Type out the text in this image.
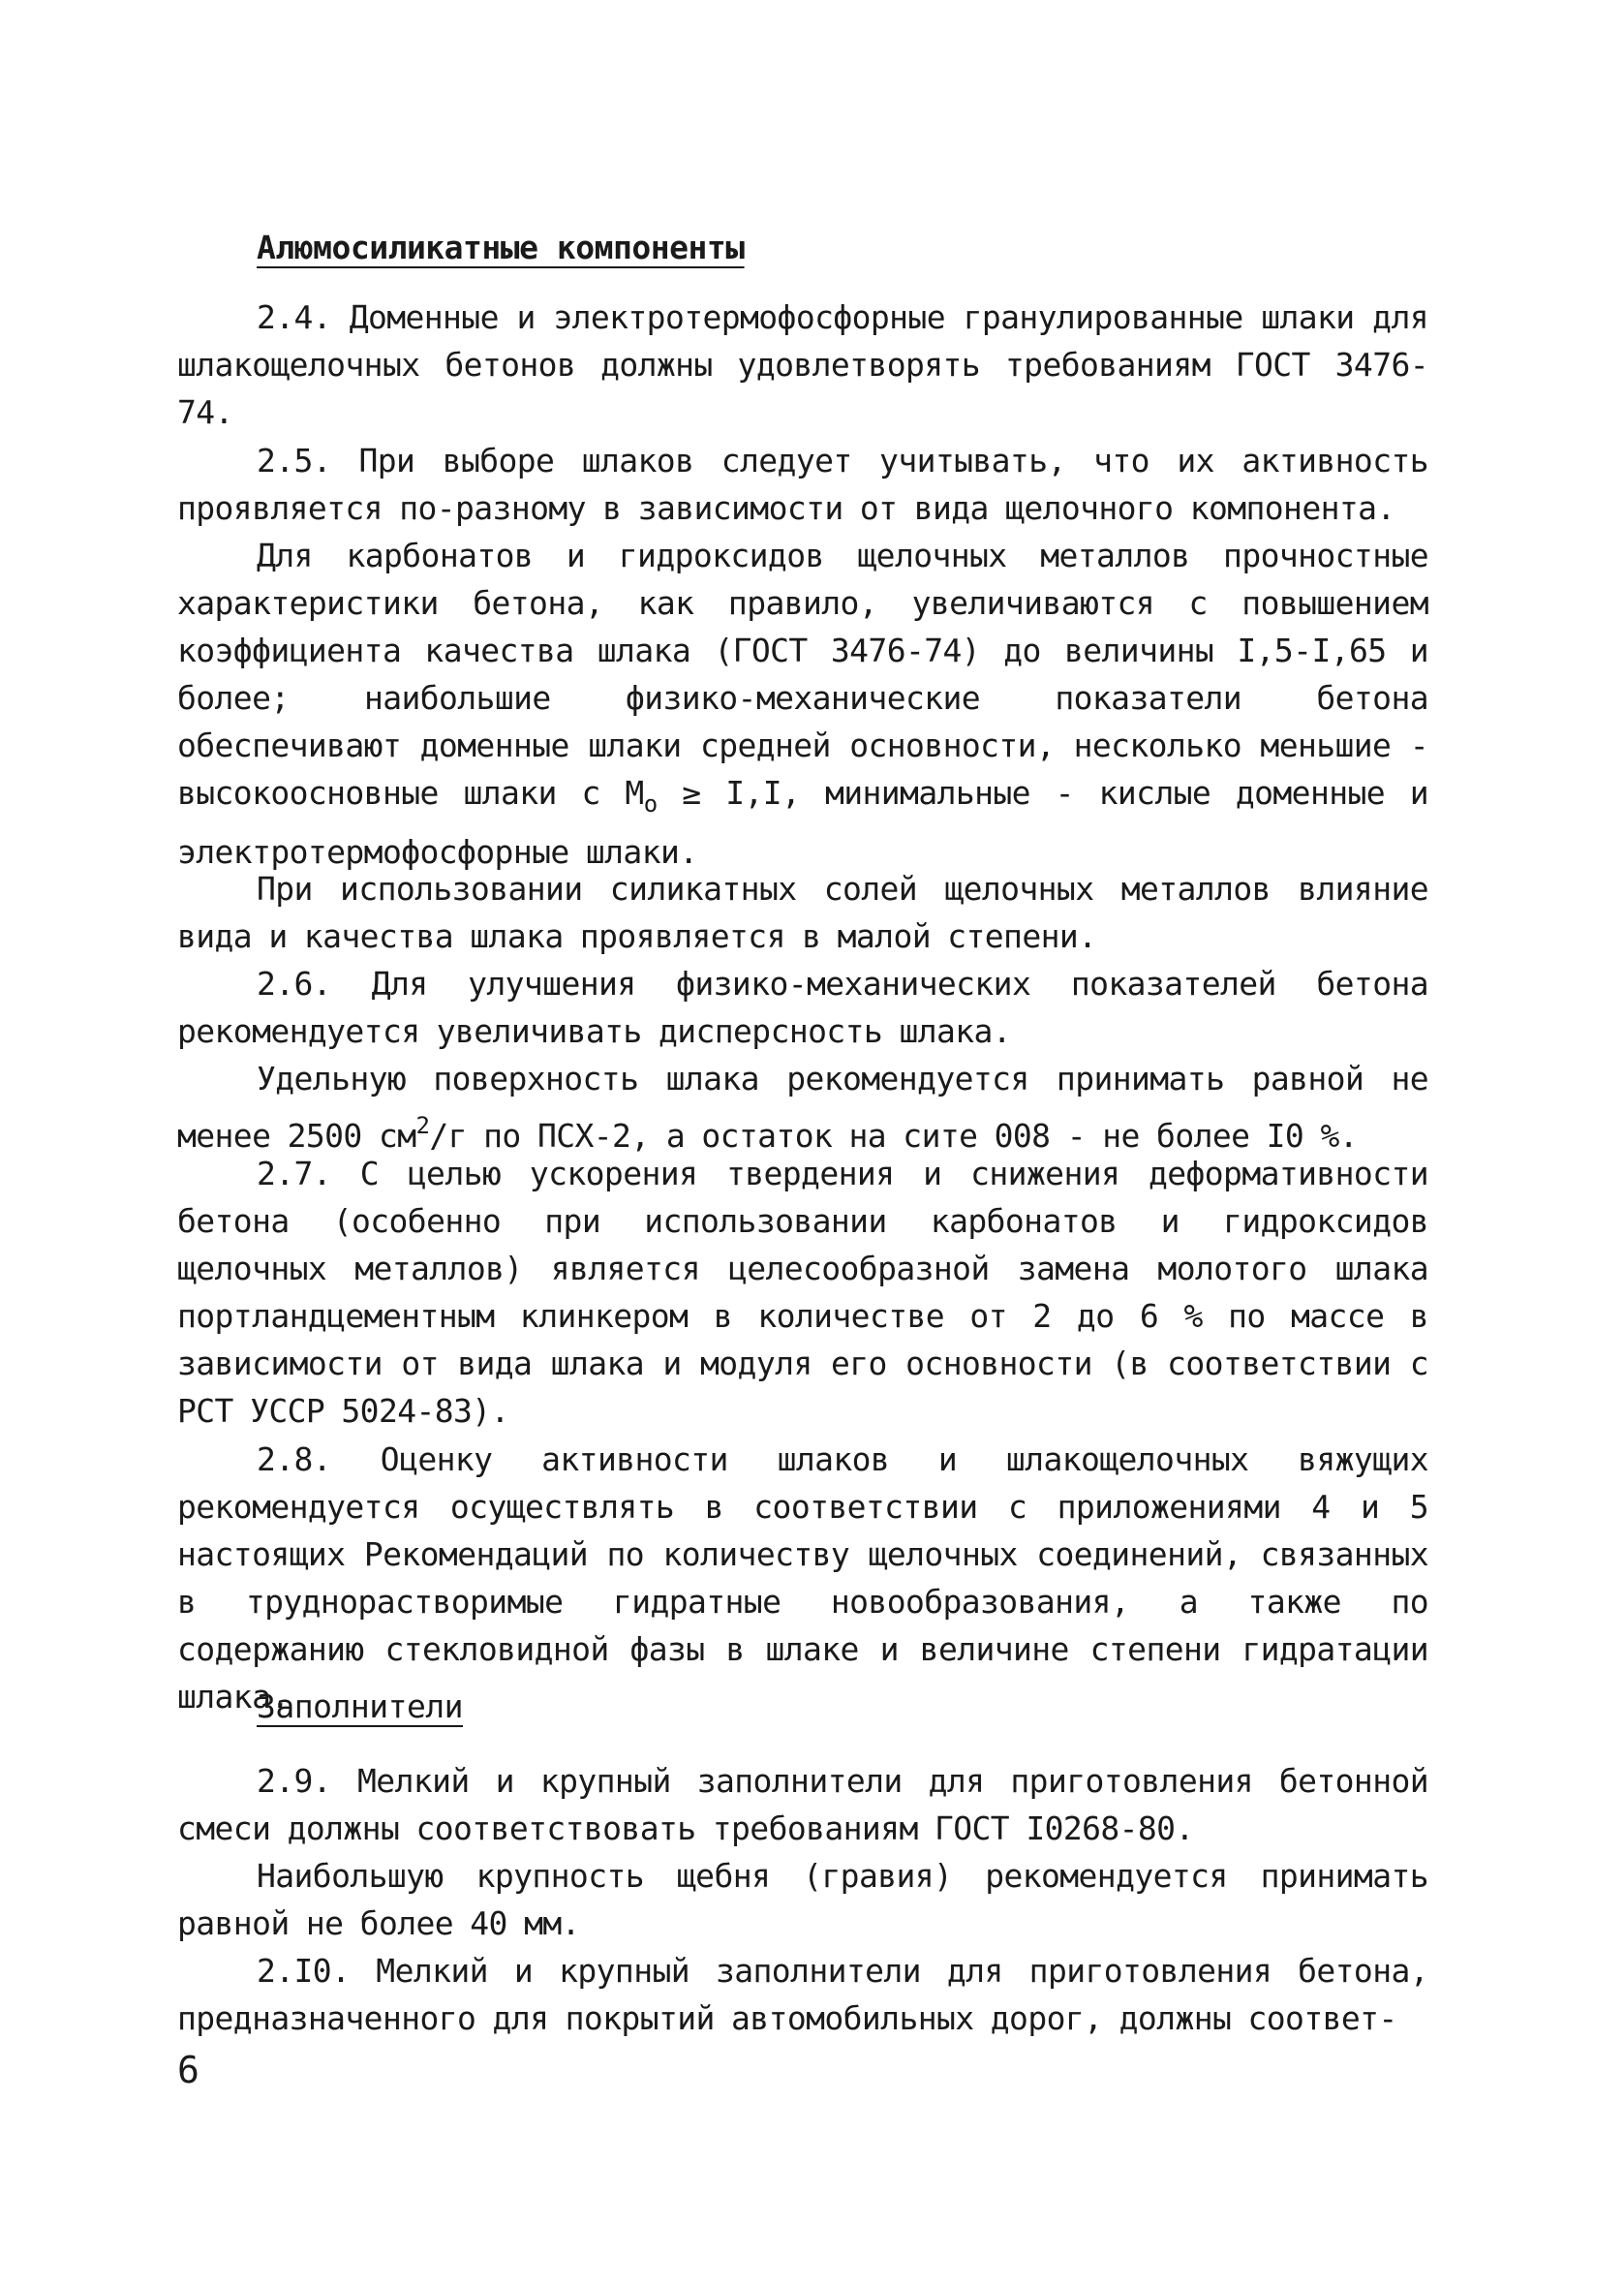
Алюмосиликатные компоненты
2.4. Доменные и электротермофосфорные гранулированные шлаки для шлакощелочных бетонов должны удовлетворять требованиям ГОСТ 3476-74.
2.5. При выборе шлаков следует учитывать, что их активность проявляется по-разному в зависимости от вида щелочного компонента.
Для карбонатов и гидроксидов щелочных металлов прочностные характеристики бетона, как правило, увеличиваются с повышением коэффициента качества шлака (ГОСТ 3476-74) до величины I,5-I,65 и более; наибольшие физико-механические показатели бетона обеспечивают доменные шлаки средней основности, несколько меньшие - высокоосновные шлаки с $М_о \ge I,I$, минимальные - кислые доменные и электротермофосфорные шлаки.
При использовании силикатных солей щелочных металлов влияние вида и качества шлака проявляется в малой степени.
2.6. Для улучшения физико-механических показателей бетона рекомендуется увеличивать дисперсность шлака.
Удельную поверхность шлака рекомендуется принимать равной не менее 2500 $см^2/г$ по ПСХ-2, а остаток на сите 008 - не более I0 %.
2.7. С целью ускорения твердения и снижения деформативности бетона (особенно при использовании карбонатов и гидроксидов щелочных металлов) является целесообразной замена молотого шлака портландцементным клинкером в количестве от 2 до 6 % по массе в зависимости от вида шлака и модуля его основности (в соответствии с РСТ УССР 5024-83).
2.8. Оценку активности шлаков и шлакощелочных вяжущих рекомендуется осуществлять в соответствии с приложениями 4 и 5 настоящих Рекомендаций по количеству щелочных соединений, связанных в труднорастворимые гидратные новообразования, а также по содержанию стекловидной фазы в шлаке и величине степени гидратации шлака.
Заполнители
2.9. Мелкий и крупный заполнители для приготовления бетонной смеси должны соответствовать требованиям ГОСТ I0268-80.
Наибольшую крупность щебня (гравия) рекомендуется принимать равной не более 40 мм.
2.I0. Мелкий и крупный заполнители для приготовления бетона, предназначенного для покрытий автомобильных дорог, должны соответ-
6
